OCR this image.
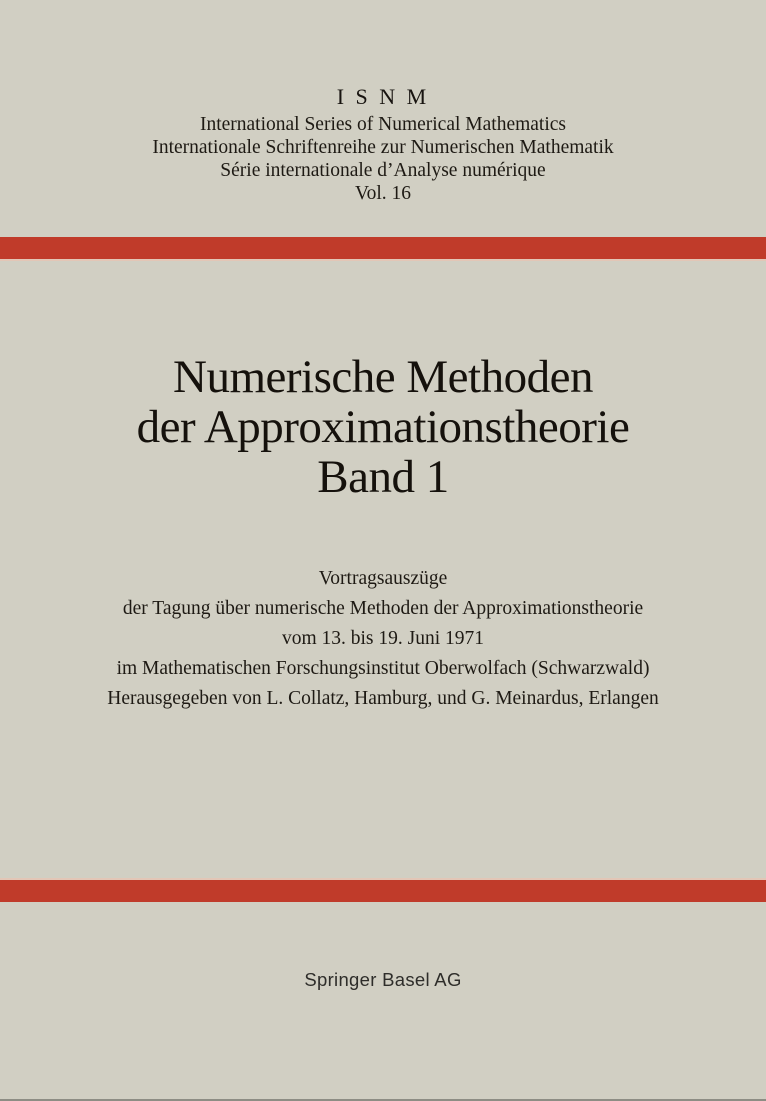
I S N M
International Series of Numerical Mathematics
Internationale Schriftenreihe zur Numerischen Mathematik
Série internationale d’Analyse numérique
Vol. 16
Numerische Methoden
der Approximationstheorie
Band 1
Vortragsauszüge
der Tagung über numerische Methoden der Approximationstheorie
vom 13. bis 19. Juni 1971
im Mathematischen Forschungsinstitut Oberwolfach (Schwarzwald)
Herausgegeben von L. Collatz, Hamburg, und G. Meinardus, Erlangen
Springer Basel AG
